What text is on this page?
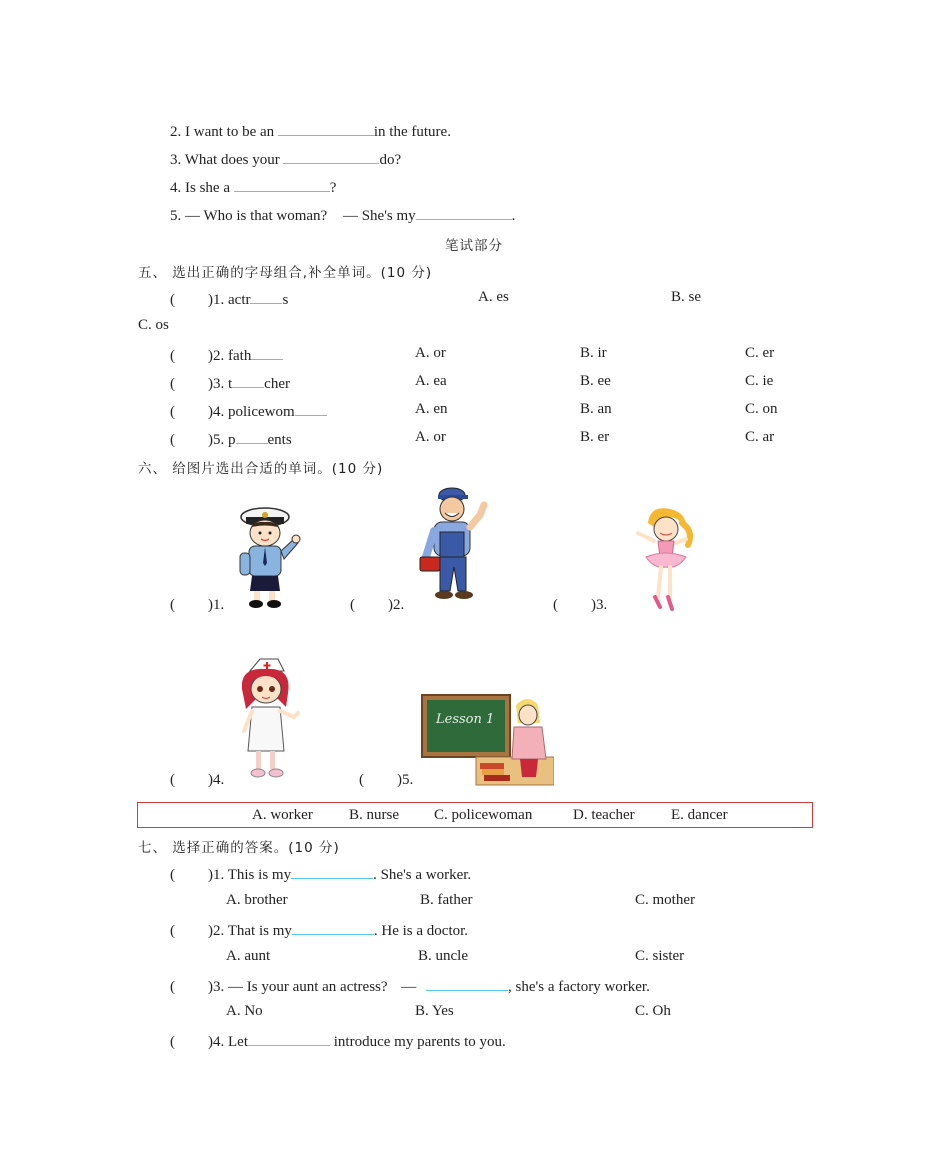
2. I want to be an	in the future.
3. What does your	do?
4. Is she a	?
5. — Who is that woman? — She's my	.
笔试部分
五、 选出正确的字母组合,补全单词。(10 分)
( )1. actr s	A. es	B. se
C. os
( )2. fath	A. or	B. ir	C. er
( )3. t cher	A. ea	B. ee	C. ie
( )4. policewom	A. en	B. an	C. on
( )5. p ents	A. or	B. er	C. ar
六、 给图片选出合适的单词。(10 分)
( )1.	( )2.	( )3.
( )4.	( )5.
Lesson 1
A. worker B. nurse C. policewoman	D. teacher E. dancer
七、 选择正确的答案。(10 分)
( )1. This is my	. She's a worker.
A. brother	B. father	C. mother
( )2. That is my	. He is a doctor.
A. aunt	B. uncle	C. sister
( )3. — Is your aunt an actress? —	, she's a factory worker.
A. No	B. Yes	C. Oh
( )4. Let	introduce my parents to you.
